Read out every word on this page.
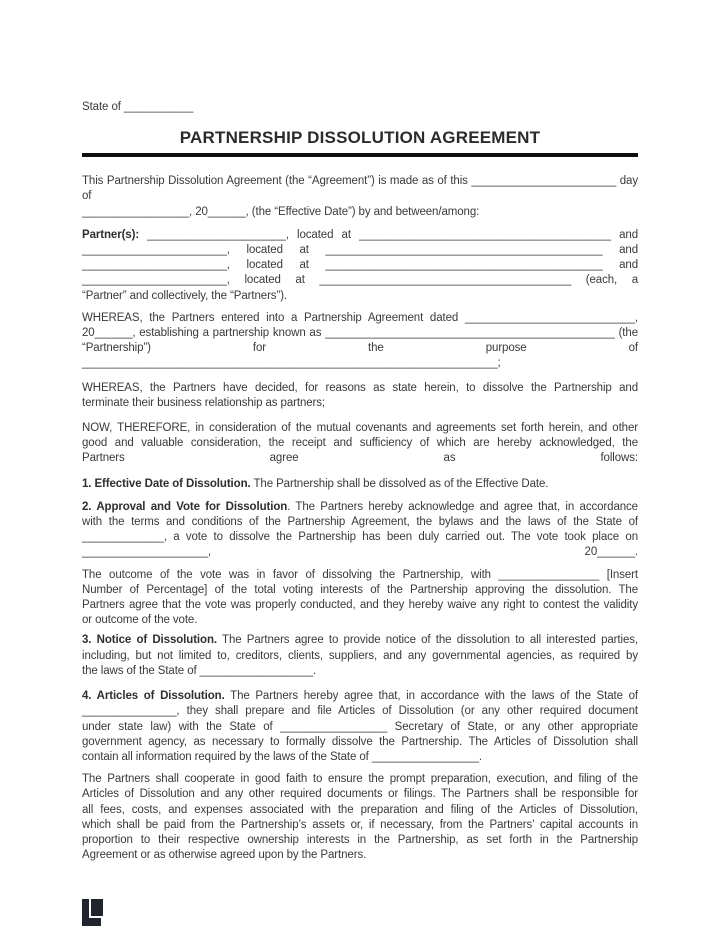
State of ___________
PARTNERSHIP DISSOLUTION AGREEMENT
This Partnership Dissolution Agreement (the “Agreement”) is made as of this _______________________ day of
_________________, 20______, (the “Effective Date”) by and between/among:
Partner(s): ______________________, located at ________________________________________ and
_______________________, located at ____________________________________________ and
_______________________, located at ____________________________________________ and
_______________________, located at ________________________________________ (each, a
“Partner” and collectively, the “Partners”).
WHEREAS, the Partners entered into a Partnership Agreement dated ___________________________,
20______, establishing a partnership known as ______________________________________________ (the
“Partnership”) for the purpose of __________________________________________________________________;
WHEREAS, the Partners have decided, for reasons as state herein, to dissolve the Partnership and
terminate their business relationship as partners;
NOW, THEREFORE, in consideration of the mutual covenants and agreements set forth herein, and other
good and valuable consideration, the receipt and sufficiency of which are hereby acknowledged, the
Partners agree as follows:
1. Effective Date of Dissolution. The Partnership shall be dissolved as of the Effective Date.
2. Approval and Vote for Dissolution. The Partners hereby acknowledge and agree that, in accordance
with the terms and conditions of the Partnership Agreement, the bylaws and the laws of the State of
_____________, a vote to dissolve the Partnership has been duly carried out. The vote took place on
____________________, 20______.
The outcome of the vote was in favor of dissolving the Partnership, with ________________ [Insert
Number of Percentage] of the total voting interests of the Partnership approving the dissolution. The
Partners agree that the vote was properly conducted, and they hereby waive any right to contest the validity
or outcome of the vote.
3. Notice of Dissolution. The Partners agree to provide notice of the dissolution to all interested parties,
including, but not limited to, creditors, clients, suppliers, and any governmental agencies, as required by
the laws of the State of __________________.
4. Articles of Dissolution. The Partners hereby agree that, in accordance with the laws of the State of
_______________, they shall prepare and file Articles of Dissolution (or any other required document
under state law) with the State of _________________ Secretary of State, or any other appropriate
government agency, as necessary to formally dissolve the Partnership. The Articles of Dissolution shall
contain all information required by the laws of the State of _________________.
The Partners shall cooperate in good faith to ensure the prompt preparation, execution, and filing of the
Articles of Dissolution and any other required documents or filings. The Partners shall be responsible for
all fees, costs, and expenses associated with the preparation and filing of the Articles of Dissolution,
which shall be paid from the Partnership’s assets or, if necessary, from the Partners’ capital accounts in
proportion to their respective ownership interests in the Partnership, as set forth in the Partnership
Agreement or as otherwise agreed upon by the Partners.
